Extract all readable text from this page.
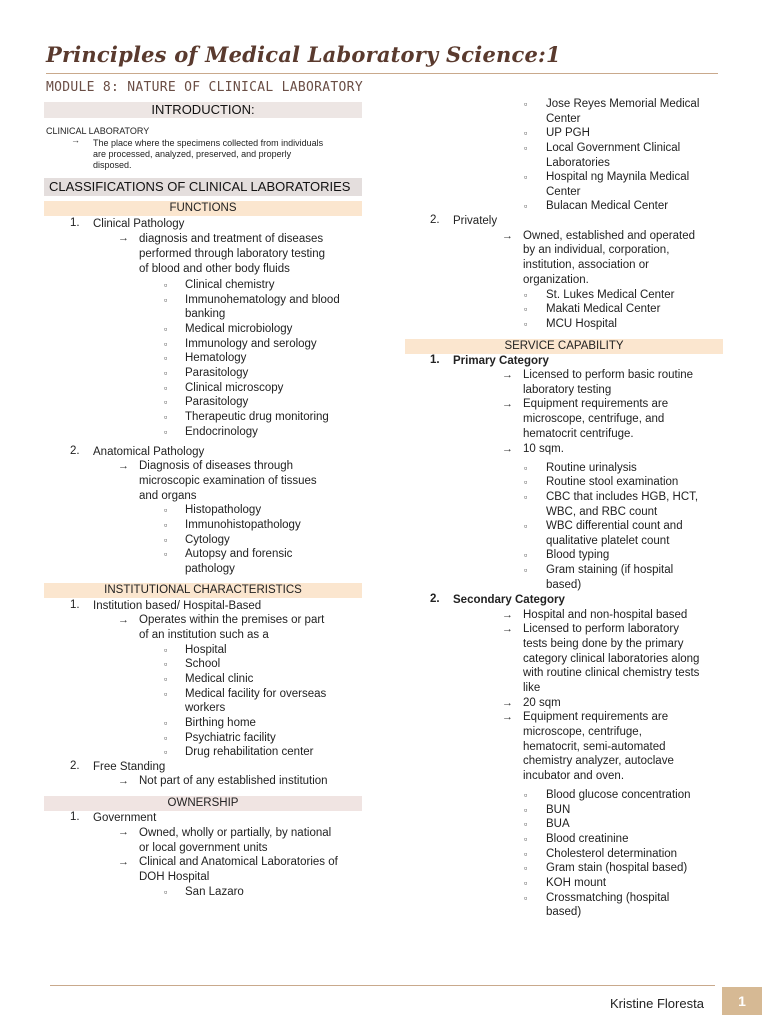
Principles of Medical Laboratory Science:1
MODULE 8: NATURE OF CLINICAL LABORATORY
INTRODUCTION:
CLINICAL LABORATORY
→ The place where the specimens collected from individuals
are processed, analyzed, preserved, and properly
disposed.
CLASSIFICATIONS OF CLINICAL LABORATORIES
FUNCTIONS
1. Clinical Pathology
→ diagnosis and treatment of diseases
performed through laboratory testing
of blood and other body fluids
▫ Clinical chemistry
▫ Immunohematology and blood
banking
▫ Medical microbiology
▫ Immunology and serology
▫ Hematology
▫ Parasitology
▫ Clinical microscopy
▫ Parasitology
▫ Therapeutic drug monitoring
▫ Endocrinology
2. Anatomical Pathology
→ Diagnosis of diseases through
microscopic examination of tissues
and organs
▫ Histopathology
▫ Immunohistopathology
▫ Cytology
▫ Autopsy and forensic
pathology
INSTITUTIONAL CHARACTERISTICS
1. Institution based/ Hospital-Based
→ Operates within the premises or part
of an institution such as a
▫ Hospital
▫ School
▫ Medical clinic
▫ Medical facility for overseas
workers
▫ Birthing home
▫ Psychiatric facility
▫ Drug rehabilitation center
2. Free Standing
→ Not part of any established institution
OWNERSHIP
1. Government
→ Owned, wholly or partially, by national
or local government units
→ Clinical and Anatomical Laboratories of
DOH Hospital
▫ San Lazaro
▫ Jose Reyes Memorial Medical
Center
▫ UP PGH
▫ Local Government Clinical
Laboratories
▫ Hospital ng Maynila Medical
Center
▫ Bulacan Medical Center
2. Privately
→ Owned, established and operated
by an individual, corporation,
institution, association or
organization.
▫ St. Lukes Medical Center
▫ Makati Medical Center
▫ MCU Hospital
SERVICE CAPABILITY
1. Primary Category
→ Licensed to perform basic routine
laboratory testing
→ Equipment requirements are
microscope, centrifuge, and
hematocrit centrifuge.
→ 10 sqm.
▫ Routine urinalysis
▫ Routine stool examination
▫ CBC that includes HGB, HCT,
WBC, and RBC count
▫ WBC differential count and
qualitative platelet count
▫ Blood typing
▫ Gram staining (if hospital
based)
2. Secondary Category
→ Hospital and non-hospital based
→ Licensed to perform laboratory
tests being done by the primary
category clinical laboratories along
with routine clinical chemistry tests
like
→ 20 sqm
→ Equipment requirements are
microscope, centrifuge,
hematocrit, semi-automated
chemistry analyzer, autoclave
incubator and oven.
▫ Blood glucose concentration
▫ BUN
▫ BUA
▫ Blood creatinine
▫ Cholesterol determination
▫ Gram stain (hospital based)
▫ KOH mount
▫ Crossmatching (hospital
based)
Kristine Floresta	1
